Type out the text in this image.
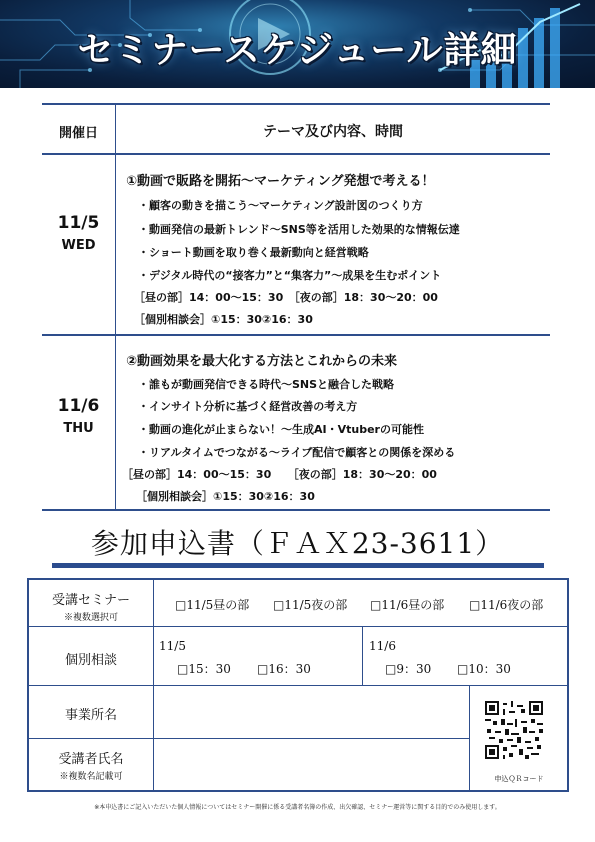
セミナースケジュール詳細
開催日	テーマ及び内容、時間
11/5
WED
①動画で販路を開拓〜マーケティング発想で考える！
・顧客の動きを描こう〜マーケティング設計図のつくり方
・動画発信の最新トレンド〜SNS等を活用した効果的な情報伝達
・ショート動画を取り巻く最新動向と経営戦略
・デジタル時代の“接客力”と“集客力”〜成果を生むポイント
［昼の部］14：00〜15：30　［夜の部］18：30〜20：00
［個別相談会］①15：30②16：30
11/6
THU
②動画効果を最大化する方法とこれからの未来
・誰もが動画発信できる時代〜SNSと融合した戦略
・インサイト分析に基づく経営改善の考え方
・動画の進化が止まらない！〜生成AI・Vtuberの可能性
・リアルタイムでつながる〜ライブ配信で顧客との関係を深める
［昼の部］14：00〜15：30　　［夜の部］18：30〜20：00
［個別相談会］①15：30②16：30
参加申込書（ＦＡＸ23-3611）
受講セミナー
※複数選択可
□11/5昼の部 □11/5夜の部 □11/6昼の部 □11/6夜の部
個別相談
11/5
□15：30 □16：30
11/6
□9：30 □10：30
事業所名
受講者氏名
※複数名記載可	申込ＱＲコード
※本申込書にご記入いただいた個人情報についてはセミナー開催に係る受講者名簿の作成、出欠確認、セミナー運営等に関する目的でのみ使用します。
